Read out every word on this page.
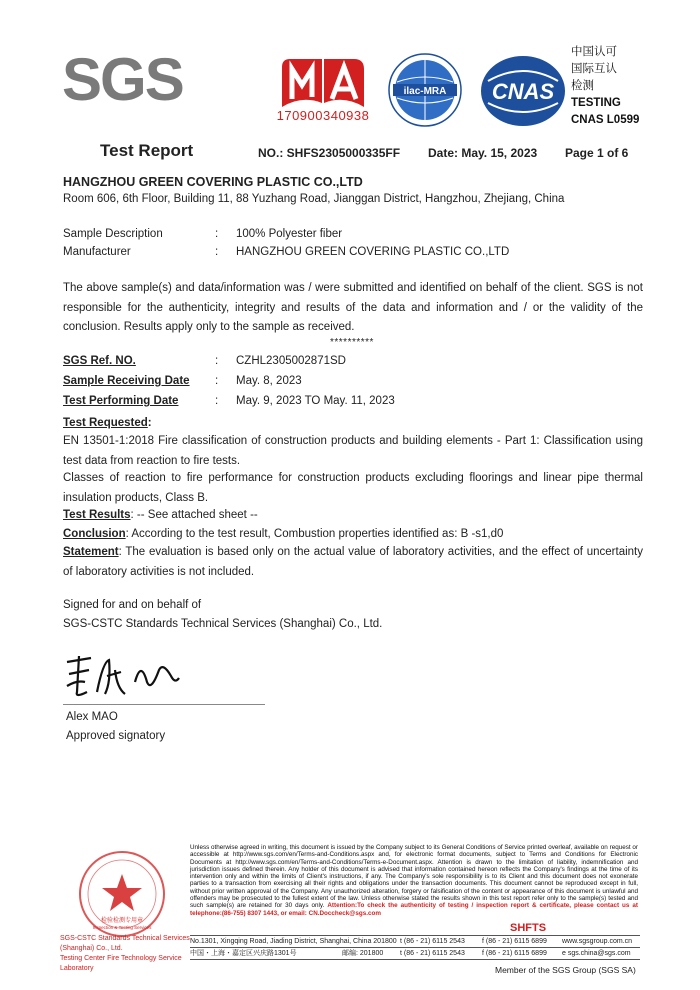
SGS
170900340938
ilac-MRA CNAS
中国认可
国际互认
检测
TESTING
CNAS L0599
Test Report	NO.: SHFS2305000335FF Date: May. 15, 2023 Page 1 of 6
HANGZHOU GREEN COVERING PLASTIC CO.,LTD
Room 606, 6th Floor, Building 11, 88 Yuzhang Road, Jianggan District, Hangzhou, Zhejiang, China
Sample Description	: 100% Polyester fiber
Manufacturer	: HANGZHOU GREEN COVERING PLASTIC CO.,LTD
The above sample(s) and data/information was / were submitted and identified on behalf of the client. SGS is not responsible for the authenticity, integrity and results of the data and information and / or the validity of the conclusion. Results apply only to the sample as received.
**********
SGS Ref. NO.	: CZHL2305002871SD
Sample Receiving Date : May. 8, 2023
Test Performing Date	: May. 9, 2023 TO May. 11, 2023
Test Requested:
EN 13501-1:2018 Fire classification of construction products and building elements - Part 1: Classification using test data from reaction to fire tests.
Classes of reaction to fire performance for construction products excluding floorings and linear pipe thermal insulation products, Class B.
Test Results: -- See attached sheet --
Conclusion: According to the test result, Combustion properties identified as: B -s1,d0
Statement: The evaluation is based only on the actual value of laboratory activities, and the effect of uncertainty of laboratory activities is not included.
Signed for and on behalf of
SGS-CSTC Standards Technical Services (Shanghai) Co., Ltd.
Alex MAO
Approved signatory
检验检测专用章
Inspection & Testing Services
SGS-CSTC Standards Technical Services (Shanghai) Co., Ltd.
Testing Center Fire Technology Service Laboratory
Unless otherwise agreed in writing, this document is issued by the Company subject to its General Conditions of Service printed overleaf, available on request or accessible at http://www.sgs.com/en/Terms-and-Conditions.aspx and, for electronic format documents, subject to Terms and Conditions for Electronic Documents at http://www.sgs.com/en/Terms-and-Conditions/Terms-e-Document.aspx. Attention is drawn to the limitation of liability, indemnification and jurisdiction issues defined therein. Any holder of this document is advised that information contained hereon reflects the Company's findings at the time of its intervention only and within the limits of Client's instructions, if any. The Company's sole responsibility is to its Client and this document does not exonerate parties to a transaction from exercising all their rights and obligations under the transaction documents. This document cannot be reproduced except in full, without prior written approval of the Company. Any unauthorized alteration, forgery or falsification of the content or appearance of this document is unlawful and offenders may be prosecuted to the fullest extent of the law. Unless otherwise stated the results shown in this test report refer only to the sample(s) tested and such sample(s) are retained for 30 days only. Attention:To check the authenticity of testing / inspection report & certificate, please contact us at telephone:(86-755) 8307 1443, or email: CN.Doccheck@sgs.com
SHFTS
No.1301, Xingqing Road, Jiading District, Shanghai, China 201800 t (86 - 21) 6115 2543 f (86 - 21) 6115 6899 www.sgsgroup.com.cn
中国・上海・嘉定区兴庆路1301号	邮编: 201800 t (86 - 21) 6115 2543 f (86 - 21) 6115 6899 e sgs.china@sgs.com
Member of the SGS Group (SGS SA)
